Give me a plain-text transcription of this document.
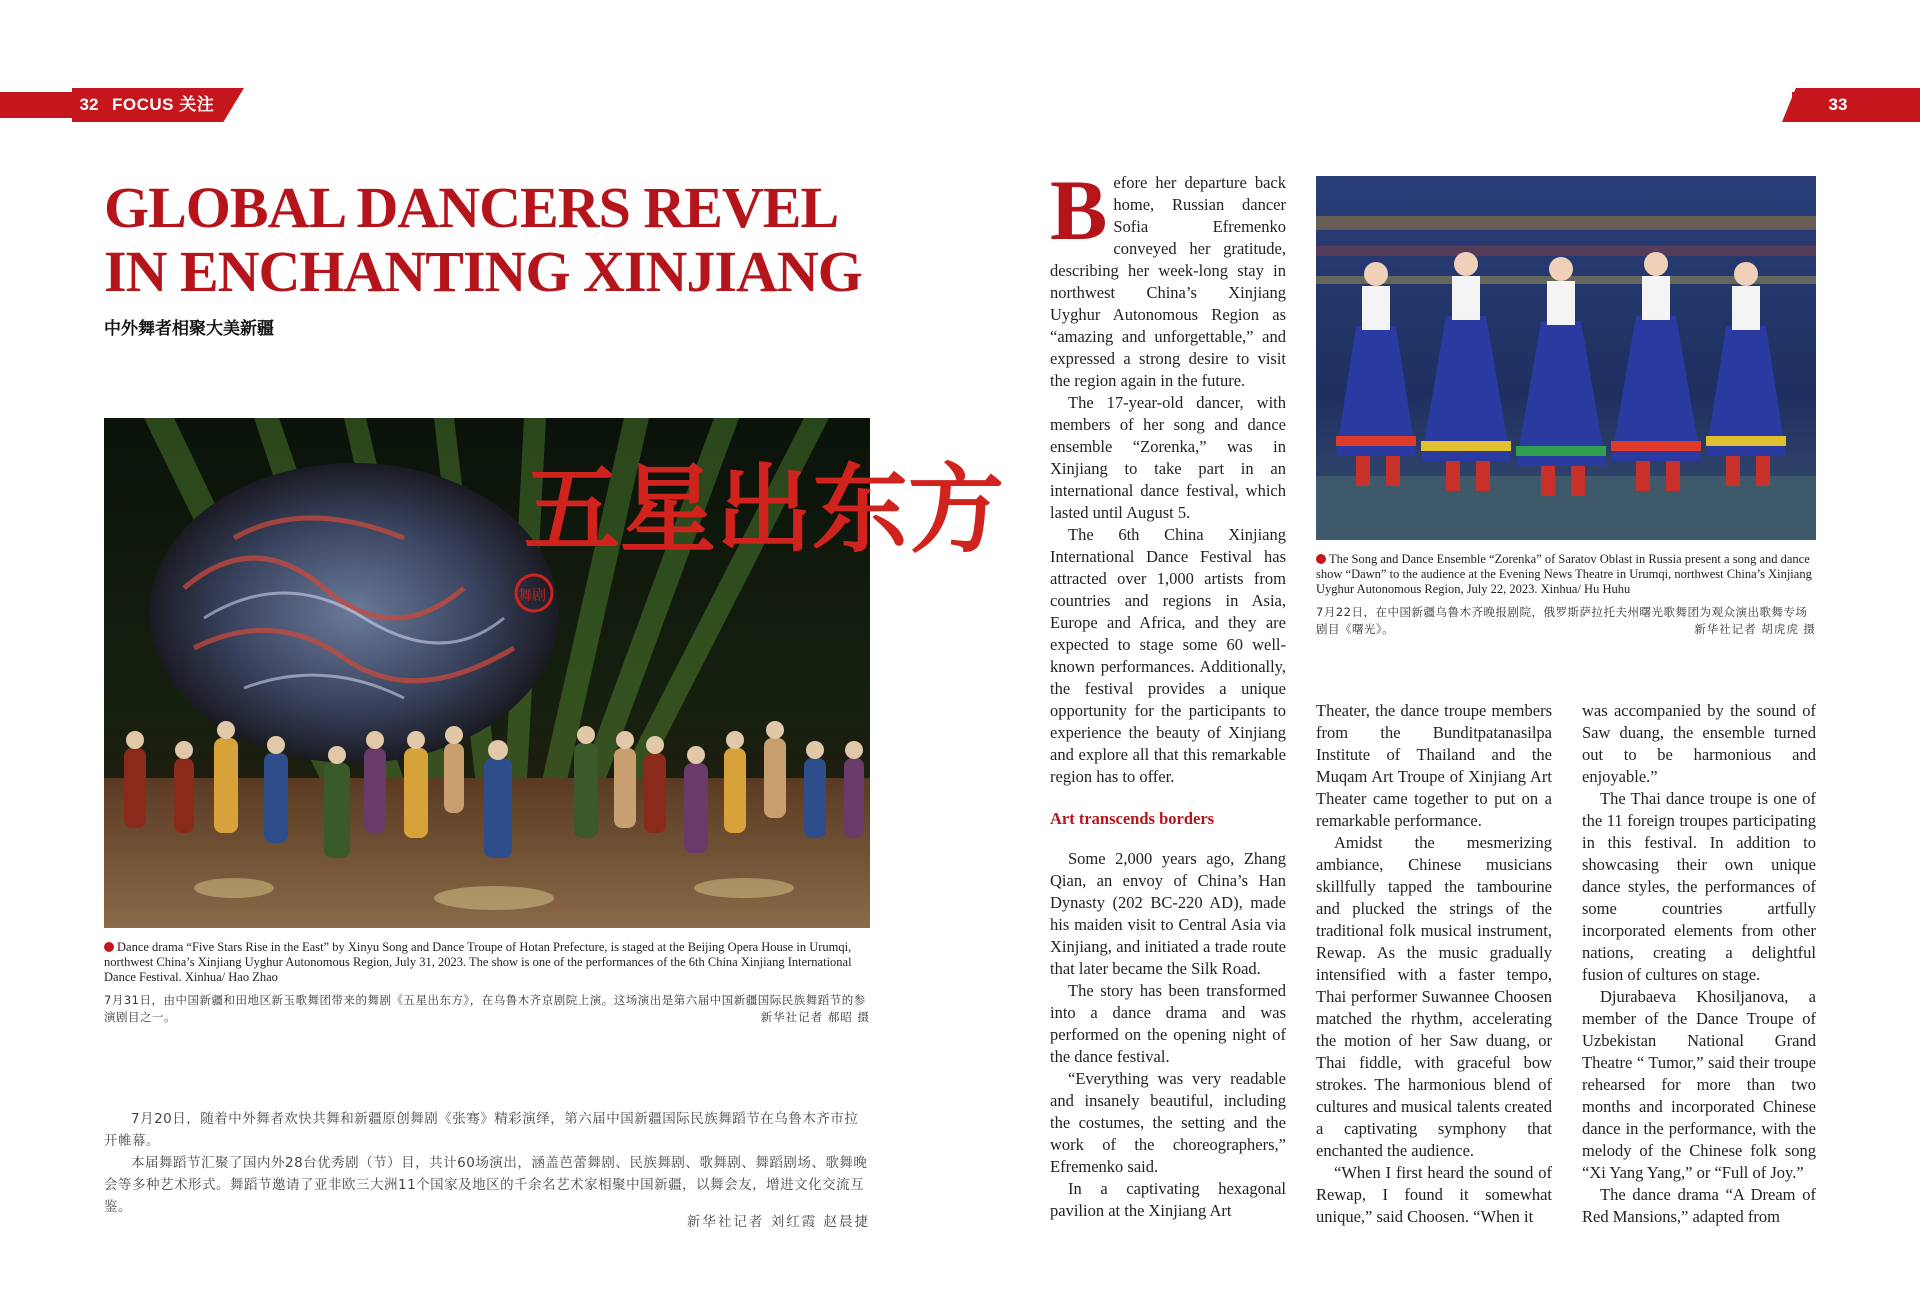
32 FOCUS 关注	33
GLOBAL DANCERS REVEL IN ENCHANTING XINJIANG
中外舞者相聚大美新疆
五星出东方
舞剧
Dance drama “Five Stars Rise in the East” by Xinyu Song and Dance Troupe of Hotan Prefecture, is staged at the Beijing Opera House in Urumqi, northwest China’s Xinjiang Uyghur Autonomous Region, July 31, 2023. The show is one of the performances of the 6th China Xinjiang International Dance Festival. Xinhua/ Hao Zhao
7月31日，由中国新疆和田地区新玉歌舞团带来的舞剧《五星出东方》，在乌鲁木齐京剧院上演。这场演出是第六届中国新疆国际民族舞蹈节的参演剧目之一。	新华社记者 郝昭 摄

7月20日，随着中外舞者欢快共舞和新疆原创舞剧《张骞》精彩演绎，第六届中国新疆国际民族舞蹈节在乌鲁木齐市拉开帷幕。

本届舞蹈节汇聚了国内外28台优秀剧（节）目，共计60场演出，涵盖芭蕾舞剧、民族舞剧、歌舞剧、舞蹈剧场、歌舞晚会等多种艺术形式。舞蹈节邀请了亚非欧三大洲11个国家及地区的千余名艺术家相聚中国新疆，以舞会友，增进文化交流互鉴。

新华社记者 刘红霞 赵晨捷
The Song and Dance Ensemble “Zorenka” of Saratov Oblast in Russia present a song and dance show “Dawn” to the audience at the Evening News Theatre in Urumqi, northwest China’s Xinjiang Uyghur Autonomous Region, July 22, 2023. Xinhua/ Hu Huhu
7月22日，在中国新疆乌鲁木齐晚报剧院，俄罗斯萨拉托夫州曙光歌舞团为观众演出歌舞专场剧目《曙光》。	新华社记者 胡虎虎 摄

Before her departure back home, Russian dancer Sofia Efremenko conveyed her gratitude, describing her week-long stay in northwest China’s Xinjiang Uyghur Autonomous Region as “amazing and unforgettable,” and expressed a strong desire to visit the region again in the future.

The 17-year-old dancer, with members of her song and dance ensemble “Zorenka,” was in Xinjiang to take part in an international dance festival, which lasted until August 5.

The 6th China Xinjiang International Dance Festival has attracted over 1,000 artists from countries and regions in Asia, Europe and Africa, and they are expected to stage some 60 well-known performances. Additionally, the festival provides a unique opportunity for the participants to experience the beauty of Xinjiang and explore all that this remarkable region has to offer.

Art transcends borders

Some 2,000 years ago, Zhang Qian, an envoy of China’s Han Dynasty (202 BC-220 AD), made his maiden visit to Central Asia via Xinjiang, and initiated a trade route that later became the Silk Road.

The story has been transformed into a dance drama and was performed on the opening night of the dance festival.

“Everything was very readable and insanely beautiful, including the costumes, the setting and the work of the choreographers,” Efremenko said.

In a captivating hexagonal pavilion at the Xinjiang Art

Theater, the dance troupe members from the Bunditpatanasilpa Institute of Thailand and the Muqam Art Troupe of Xinjiang Art Theater came together to put on a remarkable performance.

Amidst the mesmerizing ambiance, Chinese musicians skillfully tapped the tambourine and plucked the strings of the traditional folk musical instrument, Rewap. As the music gradually intensified with a faster tempo, Thai performer Suwannee Choosen matched the rhythm, accelerating the motion of her Saw duang, or Thai fiddle, with graceful bow strokes. The harmonious blend of cultures and musical talents created a captivating symphony that enchanted the audience.

“When I first heard the sound of Rewap, I found it somewhat unique,” said Choosen. “When it

was accompanied by the sound of Saw duang, the ensemble turned out to be harmonious and enjoyable.”

The Thai dance troupe is one of the 11 foreign troupes participating in this festival. In addition to showcasing their own unique dance styles, the performances of some countries artfully incorporated elements from other nations, creating a delightful fusion of cultures on stage.

Djurabaeva Khosiljanova, a member of the Dance Troupe of Uzbekistan National Grand Theatre “ Tumor,” said their troupe rehearsed for more than two months and incorporated Chinese dance in the performance, with the melody of the Chinese folk song “Xi Yang Yang,” or “Full of Joy.”

The dance drama “A Dream of Red Mansions,” adapted from
